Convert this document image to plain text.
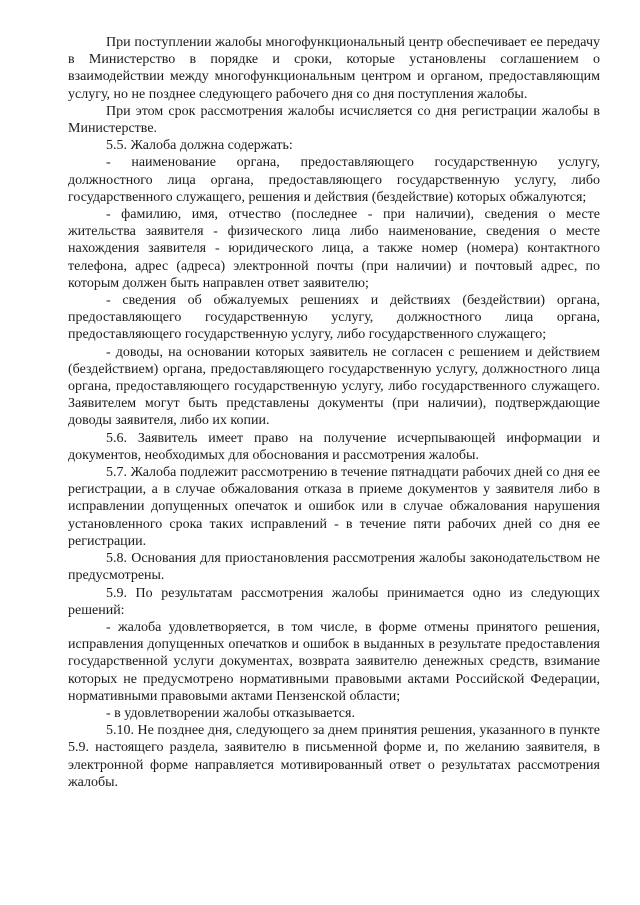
При поступлении жалобы многофункциональный центр обеспечивает ее передачу в Министерство в порядке и сроки, которые установлены соглашением о взаимодействии между многофункциональным центром и органом, предоставляющим услугу, но не позднее следующего рабочего дня со дня поступления жалобы.

При этом срок рассмотрения жалобы исчисляется со дня регистрации жалобы в Министерстве.

5.5. Жалоба должна содержать:

- наименование органа, предоставляющего государственную услугу, должностного лица органа, предоставляющего государственную услугу, либо государственного служащего, решения и действия (бездействие) которых обжалуются;

- фамилию, имя, отчество (последнее - при наличии), сведения о месте жительства заявителя - физического лица либо наименование, сведения о месте нахождения заявителя - юридического лица, а также номер (номера) контактного телефона, адрес (адреса) электронной почты (при наличии) и почтовый адрес, по которым должен быть направлен ответ заявителю;

- сведения об обжалуемых решениях и действиях (бездействии) органа, предоставляющего государственную услугу, должностного лица органа, предоставляющего государственную услугу, либо государственного служащего;

- доводы, на основании которых заявитель не согласен с решением и действием (бездействием) органа, предоставляющего государственную услугу, должностного лица органа, предоставляющего государственную услугу, либо государственного служащего. Заявителем могут быть представлены документы (при наличии), подтверждающие доводы заявителя, либо их копии.

5.6. Заявитель имеет право на получение исчерпывающей информации и документов, необходимых для обоснования и рассмотрения жалобы.

5.7. Жалоба подлежит рассмотрению в течение пятнадцати рабочих дней со дня ее регистрации, а в случае обжалования отказа в приеме документов у заявителя либо в исправлении допущенных опечаток и ошибок или в случае обжалования нарушения установленного срока таких исправлений - в течение пяти рабочих дней со дня ее регистрации.

5.8. Основания для приостановления рассмотрения жалобы законодательством не предусмотрены.

5.9. По результатам рассмотрения жалобы принимается одно из следующих решений:

- жалоба удовлетворяется, в том числе, в форме отмены принятого решения, исправления допущенных опечатков и ошибок в выданных в результате предоставления государственной услуги документах, возврата заявителю денежных средств, взимание которых не предусмотрено нормативными правовыми актами Российской Федерации, нормативными правовыми актами Пензенской области;

- в удовлетворении жалобы отказывается.

5.10. Не позднее дня, следующего за днем принятия решения, указанного в пункте 5.9. настоящего раздела, заявителю в письменной форме и, по желанию заявителя, в электронной форме направляется мотивированный ответ о результатах рассмотрения жалобы.
